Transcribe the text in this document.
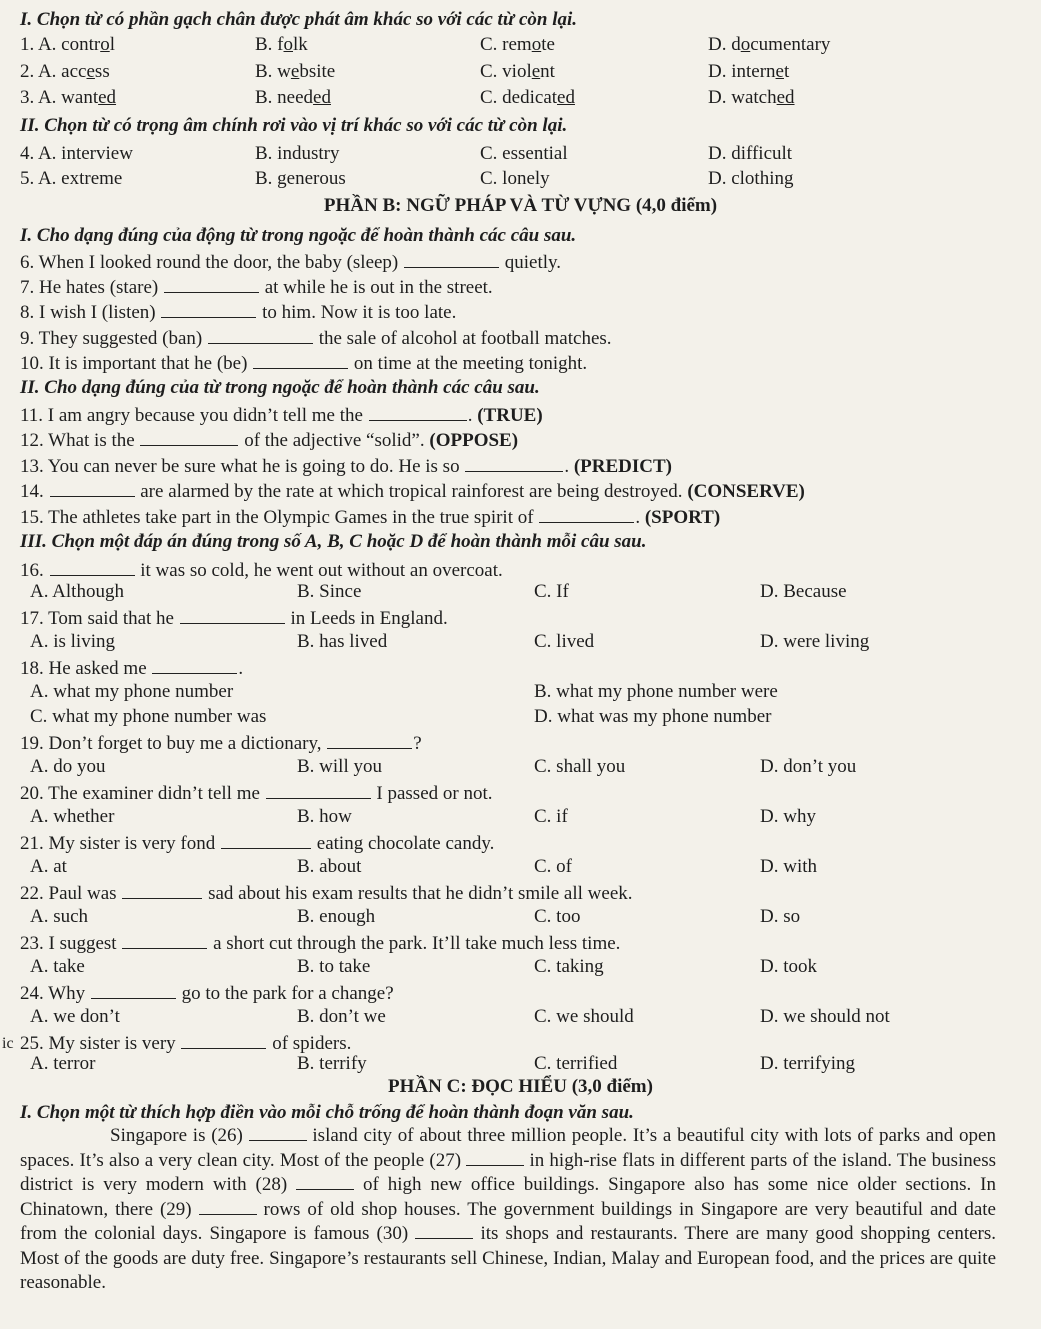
I. Chọn từ có phần gạch chân được phát âm khác so với các từ còn lại.
1. A. control	B. folk	C. remote	D. documentary
2. A. access	B. website	C. violent	D. internet
3. A. wanted	B. needed	C. dedicated	D. watched
II. Chọn từ có trọng âm chính rơi vào vị trí khác so với các từ còn lại.
4. A. interview	B. industry	C. essential	D. difficult
5. A. extreme	B. generous	C. lonely	D. clothing
PHẦN B: NGỮ PHÁP VÀ TỪ VỰNG (4,0 điểm)
I. Cho dạng đúng của động từ trong ngoặc để hoàn thành các câu sau.
6. When I looked round the door, the baby (sleep)	quietly.
7. He hates (stare)	at while he is out in the street.
8. I wish I (listen)	to him. Now it is too late.
9. They suggested (ban)	the sale of alcohol at football matches.
10. It is important that he (be)	on time at the meeting tonight.
II. Cho dạng đúng của từ trong ngoặc để hoàn thành các câu sau.
11. I am angry because you didn’t tell me the	. (TRUE)
12. What is the	of the adjective “solid”. (OPPOSE)
13. You can never be sure what he is going to do. He is so	. (PREDICT)
14.	are alarmed by the rate at which tropical rainforest are being destroyed. (CONSERVE)
15. The athletes take part in the Olympic Games in the true spirit of	. (SPORT)
III. Chọn một đáp án đúng trong số A, B, C hoặc D để hoàn thành mỗi câu sau.
16.	it was so cold, he went out without an overcoat.
A. Although	B. Since	C. If	D. Because
17. Tom said that he	in Leeds in England.
A. is living	B. has lived	C. lived	D. were living
18. He asked me	.
A. what my phone number	B. what my phone number were
C. what my phone number was	D. what was my phone number
19. Don’t forget to buy me a dictionary,	?
A. do you	B. will you	C. shall you	D. don’t you
20. The examiner didn’t tell me	I passed or not.
A. whether	B. how	C. if	D. why
21. My sister is very fond	eating chocolate candy.
A. at	B. about	C. of	D. with
22. Paul was	sad about his exam results that he didn’t smile all week.
A. such	B. enough	C. too	D. so
23. I suggest	a short cut through the park. It’ll take much less time.
A. take	B. to take	C. taking	D. took
24. Why	go to the park for a change?
A. we don’t	B. don’t we	C. we should	D. we should not
25. My sister is very	of spiders.
A. terror	B. terrify	C. terrified	D. terrifying
PHẦN C: ĐỌC HIỂU (3,0 điểm)
I. Chọn một từ thích hợp điền vào mỗi chỗ trống để hoàn thành đoạn văn sau.
ic
Singapore is (26)	island city of about three million people. It’s a beautiful city with lots of parks and open spaces. It’s also a very clean city. Most of the people (27)	in high-rise flats in different parts of the island. The business district is very modern with (28)	of high new office buildings. Singapore also has some nice older sections. In Chinatown, there (29)	rows of old shop houses. The government buildings in Singapore are very beautiful and date from the colonial days. Singapore is famous (30)	its shops and restaurants. There are many good shopping centers. Most of the goods are duty free. Singapore’s restaurants sell Chinese, Indian, Malay and European food, and the prices are quite reasonable.
